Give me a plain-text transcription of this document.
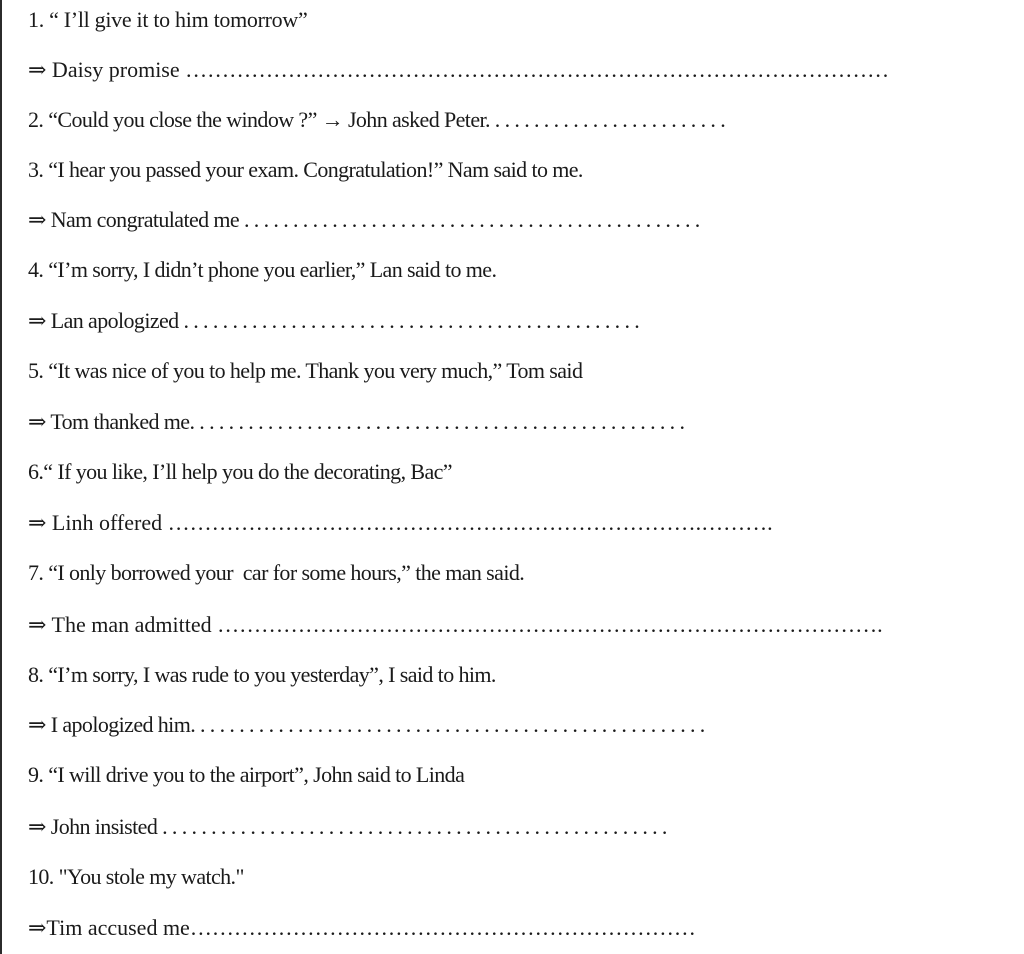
1. “ I’ll give it to him tomorrow”
⇒ Daisy promise ……………………………………………………………………………………
2. “Could you close the window ?” → John asked Peter. . . . . . . . . . . . . . . . . . . . . . . . .
3. “I hear you passed your exam. Congratulation!” Nam said to me.
⇒ Nam congratulated me . . . . . . . . . . . . . . . . . . . . . . . . . . . . . . . . . . . . . . . . . . . . . . .
4. “I’m sorry, I didn’t phone you earlier,” Lan said to me.
⇒ Lan apologized . . . . . . . . . . . . . . . . . . . . . . . . . . . . . . . . . . . . . . . . . . . . . . .
5. “It was nice of you to help me. Thank you very much,” Tom said
⇒ Tom thanked me. . . . . . . . . . . . . . . . . . . . . . . . . . . . . . . . . . . . . . . . . . . . . . . . . . .
6.“ If you like, I’ll help you do the decorating, Bac”
⇒ Linh offered ……………………………………………………………….……….
7. “I only borrowed your  car for some hours,” the man said.
⇒ The man admitted ……………………………………………………………………………….
8. “I’m sorry, I was rude to you yesterday”, I said to him.
⇒ I apologized him. . . . . . . . . . . . . . . . . . . . . . . . . . . . . . . . . . . . . . . . . . . . . . . . . . . . .
9. “I will drive you to the airport”, John said to Linda
⇒ John insisted . . . . . . . . . . . . . . . . . . . . . . . . . . . . . . . . . . . . . . . . . . . . . . . . . . . .
10. "You stole my watch."
⇒Tim accused me……………………………………………………………
